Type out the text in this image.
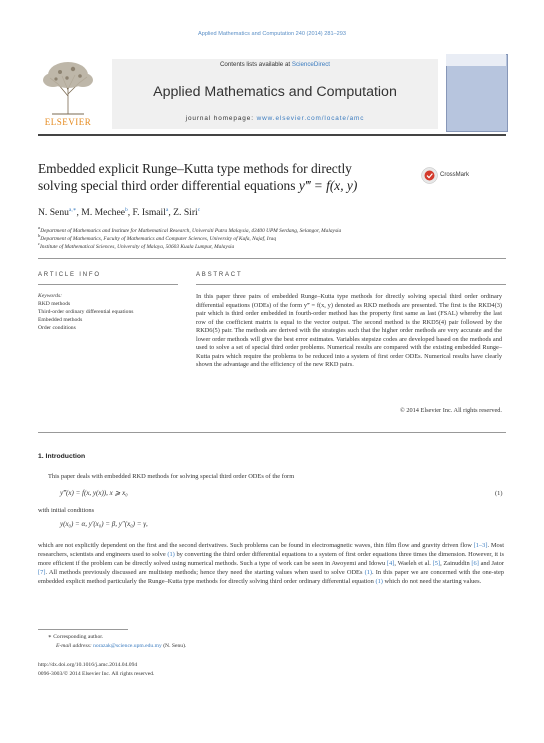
Applied Mathematics and Computation 240 (2014) 281–293
Contents lists available at ScienceDirect
Applied Mathematics and Computation
journal homepage: www.elsevier.com/locate/amc
ELSEVIER
Embedded explicit Runge–Kutta type methods for directly
solving special third order differential equations y‴ = f(x, y)
CrossMark
N. Senu$^{a,∗}$, M. Mechee$^b$, F. Ismail$^a$, Z. Siri$^c$
$^a$Department of Mathematics and Institute for Mathematical Research, Universiti Putra Malaysia, 43400 UPM Serdang, Selangor, Malaysia
$^b$Department of Mathematics, Faculty of Mathematics and Computer Sciences, University of Kufa, Najaf, Iraq
$^c$Institute of Mathematical Sciences, University of Malaya, 50603 Kuala Lumpur, Malaysia
ARTICLE INFO
Keywords:
RKD methods
Third-order ordinary differential equations
Embedded methods
Order conditions
ABSTRACT
In this paper three pairs of embedded Runge–Kutta type methods for directly solving special third order ordinary differential equations (ODEs) of the form y‴ = f(x, y) denoted as RKD methods are presented. The first is the RKD4(3) pair which is third order embedded in fourth-order method has the property first same as last (FSAL) whereby the last row of the coefficient matrix is equal to the vector output. The second method is the RKD5(4) pair followed by the RKD6(5) pair. The methods are derived with the strategies such that the higher order methods are very accurate and the lower order methods will give the best error estimates. Variables stepsize codes are developed based on the methods and used to solve a set of special third order problems. Numerical results are compared with the existing embedded Runge–Kutta pairs which require the problems to be reduced into a system of first order ODEs. Numerical results have clearly shown the advantage and the efficiency of the new RKD pairs.
© 2014 Elsevier Inc. All rights reserved.
1. Introduction
This paper deals with embedded RKD methods for solving special third order ODEs of the form
y‴(x) = f(x, y(x)), x ⩾ x₀	(1)
with initial conditions
y(x₀) = α, y′(x₀) = β, y″(x₀) = γ,
which are not explicitly dependent on the first and the second derivatives. Such problems can be found in electromagnetic waves, thin film flow and gravity driven flow [1–3]. Most researchers, scientists and engineers used to solve (1) by converting the third order differential equations to a system of first order equations three times the dimension. However, it is more efficient if the problem can be directly solved using numerical methods. Such a type of work can be seen in Awoyemi and Idowu [4], Waeleh et al. [5], Zainuddin [6] and Jator [7]. All methods previously discussed are multistep methods; hence they need the starting values when used to solve ODEs (1). In this paper we are concerned with the one-step embedded explicit method particularly the Runge–Kutta type methods for directly solving third order ordinary differential equation (1) which do not need the starting values.
∗ Corresponding author.
E-mail address: norazak@science.upm.edu.my (N. Senu).
http://dx.doi.org/10.1016/j.amc.2014.04.094
0096-3003/© 2014 Elsevier Inc. All rights reserved.
